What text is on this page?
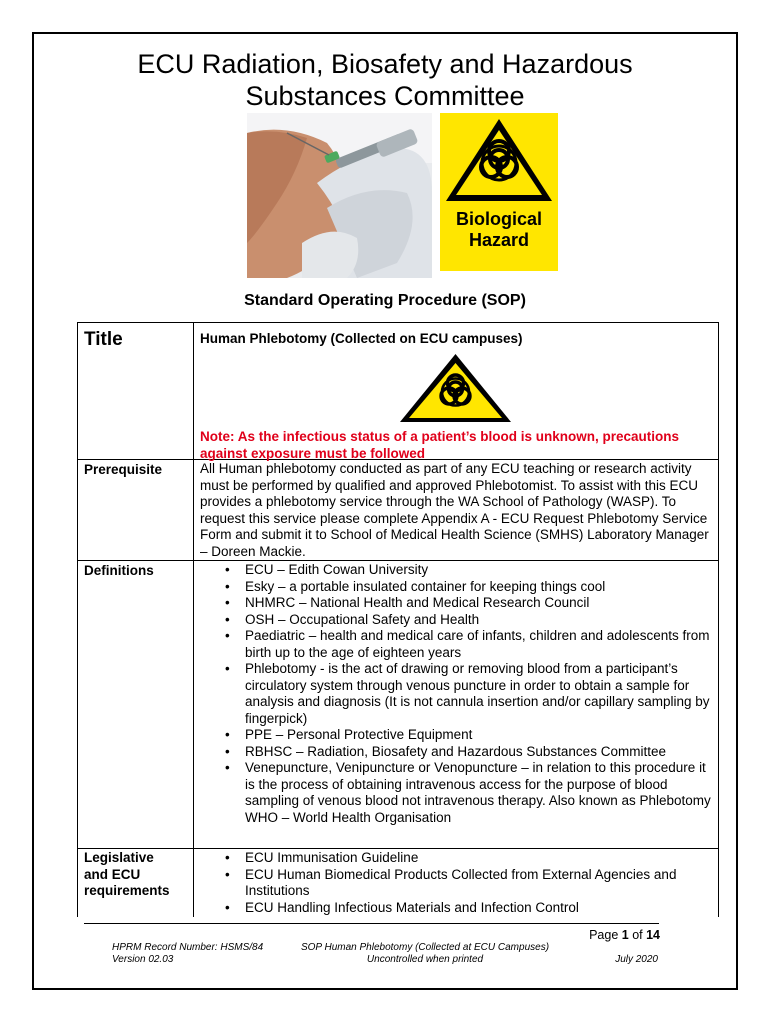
ECU Radiation, Biosafety and Hazardous
Substances Committee
Biological
Hazard
Standard Operating Procedure (SOP)
Title	Human Phlebotomy (Collected on ECU campuses)
Note: As the infectious status of a patient’s blood is unknown, precautions against exposure must be followed
Prerequisite	All Human phlebotomy conducted as part of any ECU teaching or research activity must be performed by qualified and approved Phlebotomist. To assist with this ECU provides a phlebotomy service through the WA School of Pathology (WASP). To request this service please complete Appendix A - ECU Request Phlebotomy Service Form and submit it to School of Medical Health Science (SMHS) Laboratory Manager – Doreen Mackie.
Definitions
•	ECU – Edith Cowan University
• Esky – a portable insulated container for keeping things cool
• NHMRC – National Health and Medical Research Council
• OSH – Occupational Safety and Health
• Paediatric – health and medical care of infants, children and adolescents from birth up to the age of eighteen years
• Phlebotomy - is the act of drawing or removing blood from a participant’s circulatory system through venous puncture in order to obtain a sample for analysis and diagnosis (It is not cannula insertion and/or capillary sampling by fingerpick)
• PPE – Personal Protective Equipment
• RBHSC – Radiation, Biosafety and Hazardous Substances Committee
• Venepuncture, Venipuncture or Venopuncture – in relation to this procedure it is the process of obtaining intravenous access for the purpose of blood sampling of venous blood not intravenous therapy. Also known as Phlebotomy
WHO – World Health Organisation
Legislative
and ECU
requirements
• ECU Immunisation Guideline
• ECU Human Biomedical Products Collected from External Agencies and Institutions
• ECU Handling Infectious Materials and Infection Control
Page 1 of 14
HPRM Record Number: HSMS/84
Version 02.03
SOP Human Phlebotomy (Collected at ECU Campuses)
Uncontrolled when printed	July 2020
